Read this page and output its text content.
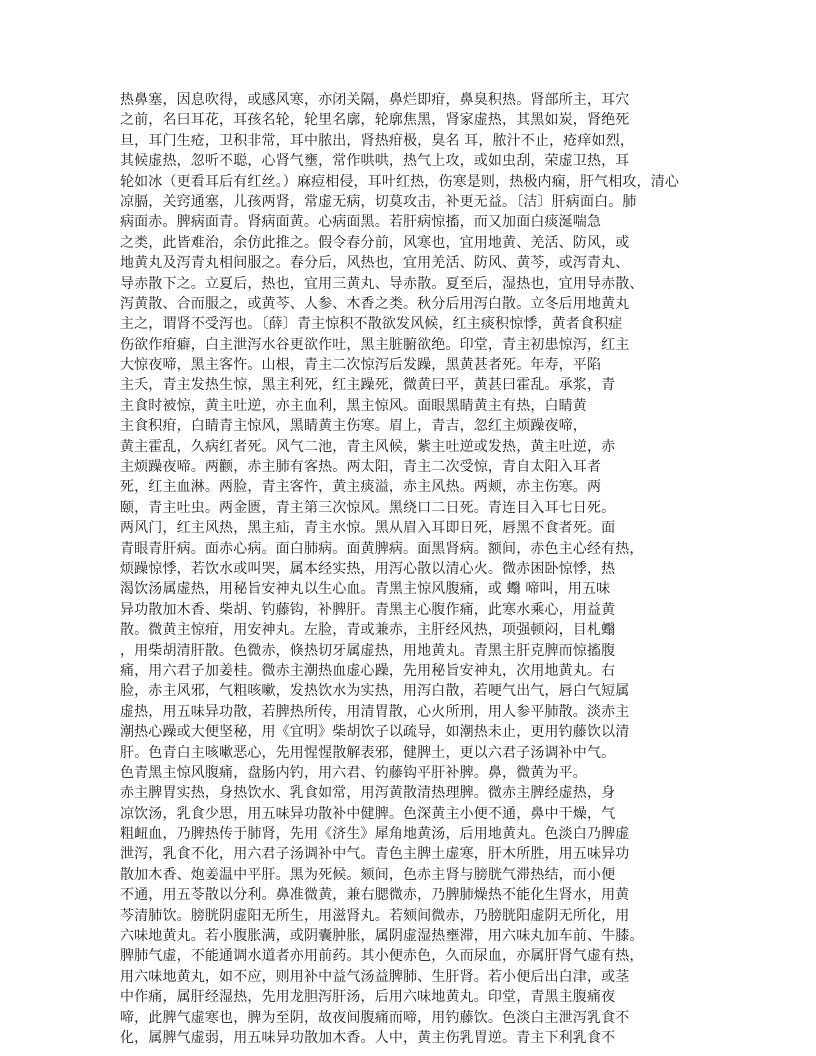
热鼻塞，因息吹得，或感风寒，亦闭关隔，鼻烂即疳，鼻臭积热。肾部所主，耳穴
之前，名曰耳花，耳孩名轮，轮里名廓，轮廓焦黑，肾家虚热，其黑如炭，肾绝死
旦，耳门生疮，卫积非常，耳中脓出，肾热疳极，臭名 耳，脓汁不止，疮痒如烈，
其候虚热，忽听不聪，心肾气壅，常作哄哄，热气上攻，或如虫刮，荣虚卫热，耳
轮如冰（更看耳后有红丝。）麻痘相侵，耳叶红热，伤寒是则，热极内痫，肝气相攻，清心
凉膈，关窍通塞，儿孩两肾，常虚无病，切莫攻击，补更无益。〔洁〕肝病面白。肺
病面赤。脾病面青。肾病面黄。心病面黑。若肝病惊搐，而又加面白痰涎喘急
之类，此皆难治，余仿此推之。假令春分前，风寒也，宜用地黄、羌活、防风，或
地黄丸及泻青丸相间服之。春分后，风热也，宜用羌活、防风、黄芩，或泻青丸、
导赤散下之。立夏后，热也，宜用三黄丸、导赤散。夏至后，湿热也，宜用导赤散、
泻黄散、合而服之，或黄芩、人参、木香之类。秋分后用泻白散。立冬后用地黄丸
主之，谓肾不受泻也。〔薛〕青主惊积不散欲发风候，红主痰积惊悸，黄者食积症
伤欲作疳癖，白主泄泻水谷更欲作吐，黑主脏腑欲绝。印堂，青主初患惊泻，红主
大惊夜啼，黑主客忤。山根，青主二次惊泻后发躁，黑黄甚者死。年寿，平陷
主夭，青主发热生惊，黑主利死，红主躁死，微黄曰平，黄甚曰霍乱。承浆，青
主食时被惊，黄主吐逆，亦主血利，黑主惊风。面眼黑睛黄主有热，白睛黄
主食积疳，白睛青主惊风，黑睛黄主伤寒。眉上，青吉，忽红主烦躁夜啼，
黄主霍乱，久病红者死。风气二池，青主风候，紫主吐逆或发热，黄主吐逆，赤
主烦躁夜啼。两颧，赤主肺有客热。两太阳，青主二次受惊，青自太阳入耳者
死，红主血淋。两脸，青主客忤，黄主痰溢，赤主风热。两颊，赤主伤寒。两
颐，青主吐虫。两金匮，青主第三次惊风。黑绕口二日死。青连目入耳七日死。
两风门，红主风热，黑主疝，青主水惊。黑从眉入耳即日死，唇黑不食者死。面
青眼青肝病。面赤心病。面白肺病。面黄脾病。面黑肾病。额间，赤色主心经有热，
烦躁惊悸，若饮水或叫哭，属本经实热，用泻心散以清心火。微赤困卧惊悸，热
渴饮汤属虚热，用秘旨安神丸以生心血。青黑主惊风腹痛，或 蠮 啼叫，用五味
异功散加木香、柴胡、钓藤钩，补脾肝。青黑主心腹作痛，此寒水乘心，用益黄
散。微黄主惊疳，用安神丸。左脸，青或兼赤，主肝经风热，项强顿闷，目札蠮
，用柴胡清肝散。色微赤，倏热切牙属虚热，用地黄丸。青黑主肝克脾而惊搐腹
痛，用六君子加姜桂。微赤主潮热血虚心躁，先用秘旨安神丸，次用地黄丸。右
脸，赤主风邪，气粗咳嗽，发热饮水为实热，用泻白散，若哽气出气，唇白气短属
虚热，用五味异功散，若脾热所传，用清胃散，心火所刑，用人参平肺散。淡赤主
潮热心躁或大便坚秘，用《宜明》柴胡饮子以疏导，如潮热未止，更用钓藤饮以清
肝。色青白主咳嗽恶心，先用惺惺散解表邪，健脾土，更以六君子汤调补中气。
色青黑主惊风腹痛，盘肠内钓，用六君、钓藤钩平肝补脾。鼻，微黄为平。
赤主脾胃实热，身热饮水、乳食如常，用泻黄散清热理脾。微赤主脾经虚热，身
凉饮汤，乳食少思，用五味异功散补中健脾。色深黄主小便不通，鼻中干燥，气
粗衄血，乃脾热传于肺肾，先用《济生》犀角地黄汤，后用地黄丸。色淡白乃脾虚
泄泻，乳食不化，用六君子汤调补中气。青色主脾土虚寒，肝木所胜，用五味异功
散加木香、炮姜温中平肝。黑为死候。颏间，色赤主肾与膀胱气滞热结，而小便
不通，用五苓散以分利。鼻准微黄，兼右腮微赤，乃脾肺燥热不能化生肾水，用黄
芩清肺饮。膀胱阴虚阳无所生，用滋肾丸。若颏间微赤，乃膀胱阳虚阴无所化，用
六味地黄丸。若小腹胀满，或阴囊肿胀，属阴虚湿热壅滞，用六味丸加车前、牛膝。
脾肺气虚，不能通调水道者亦用前药。其小便赤色，久而尿血，亦属肝肾气虚有热，
用六味地黄丸，如不应，则用补中益气汤益脾肺、生肝肾。若小便后出白津，或茎
中作痛，属肝经湿热，先用龙胆泻肝汤，后用六味地黄丸。印堂，青黑主腹痛夜
啼，此脾气虚寒也，脾为至阴，故夜间腹痛而啼，用钓藤饮。色淡白主泄泻乳食不
化，属脾气虚弱，用五味异功散加木香。人中，黄主伤乳胃逆。青主下利乳食不
